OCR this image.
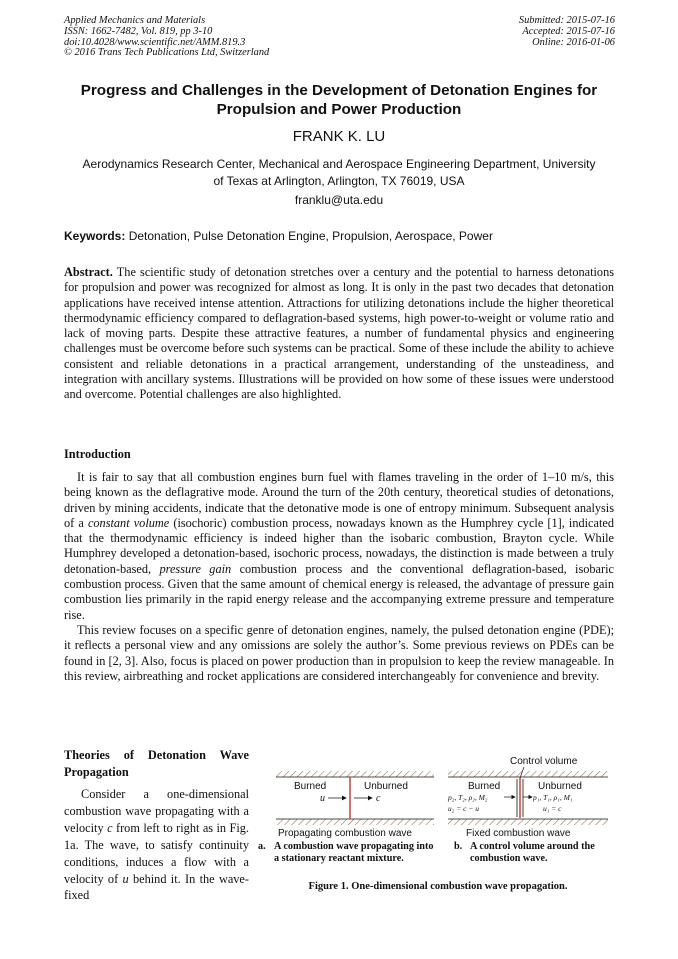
Applied Mechanics and Materials
ISSN: 1662-7482, Vol. 819, pp 3-10
doi:10.4028/www.scientific.net/AMM.819.3
© 2016 Trans Tech Publications Ltd, Switzerland
Submitted: 2015-07-16
Accepted: 2015-07-16
Online: 2016-01-06
Progress and Challenges in the Development of Detonation Engines for
Propulsion and Power Production
FRANK K. LU
Aerodynamics Research Center, Mechanical and Aerospace Engineering Department, University
of Texas at Arlington, Arlington, TX 76019, USA
franklu@uta.edu
Keywords: Detonation, Pulse Detonation Engine, Propulsion, Aerospace, Power

Abstract. The scientific study of detonation stretches over a century and the potential to harness detonations for propulsion and power was recognized for almost as long. It is only in the past two decades that detonation applications have received intense attention. Attractions for utilizing detonations include the higher theoretical thermodynamic efficiency compared to deflagration-based systems, high power-to-weight or volume ratio and lack of moving parts. Despite these attractive features, a number of fundamental physics and engineering challenges must be overcome before such systems can be practical. Some of these include the ability to achieve consistent and reliable detonations in a practical arrangement, understanding of the unsteadiness, and integration with ancillary systems. Illustrations will be provided on how some of these issues were understood and overcome. Potential challenges are also highlighted.

Introduction

It is fair to say that all combustion engines burn fuel with flames traveling in the order of 1–10 m/s, this being known as the deflagrative mode. Around the turn of the 20th century, theoretical studies of detonations, driven by mining accidents, indicate that the detonative mode is one of entropy minimum. Subsequent analysis of a constant volume (isochoric) combustion process, nowadays known as the Humphrey cycle [1], indicated that the thermodynamic efficiency is indeed higher than the isobaric combustion, Brayton cycle. While Humphrey developed a detonation-based, isochoric process, nowadays, the distinction is made between a truly detonation-based, pressure gain combustion process and the conventional deflagration-based, isobaric combustion process. Given that the same amount of chemical energy is released, the advantage of pressure gain combustion lies primarily in the rapid energy release and the accompanying extreme pressure and temperature rise.

This review focuses on a specific genre of detonation engines, namely, the pulsed detonation engine (PDE); it reflects a personal view and any omissions are solely the author’s. Some previous reviews on PDEs can be found in [2, 3]. Also, focus is placed on power production than in propulsion to keep the review manageable. In this review, airbreathing and rocket applications are considered interchangeably for convenience and brevity.

Theories of Detonation Wave Propagation

Consider a one-dimensional combustion wave propagating with a velocity c from left to right as in Fig. 1a. The wave, to satisfy continuity conditions, induces a flow with a velocity of u behind it. In the wave-fixed

Burned	Unburned
u	c
Propagating combustion wave
Control volume
Burned	Unburned
p₂, T₂, ρ₂, M₂	p₁, T₁, ρ₁, M₁
u₂ = c − u	u₁ = c
Fixed combustion wave
a. A combustion wave propagating into a stationary reactant mixture.
b. A control volume around the combustion wave.
Figure 1. One-dimensional combustion wave propagation.
